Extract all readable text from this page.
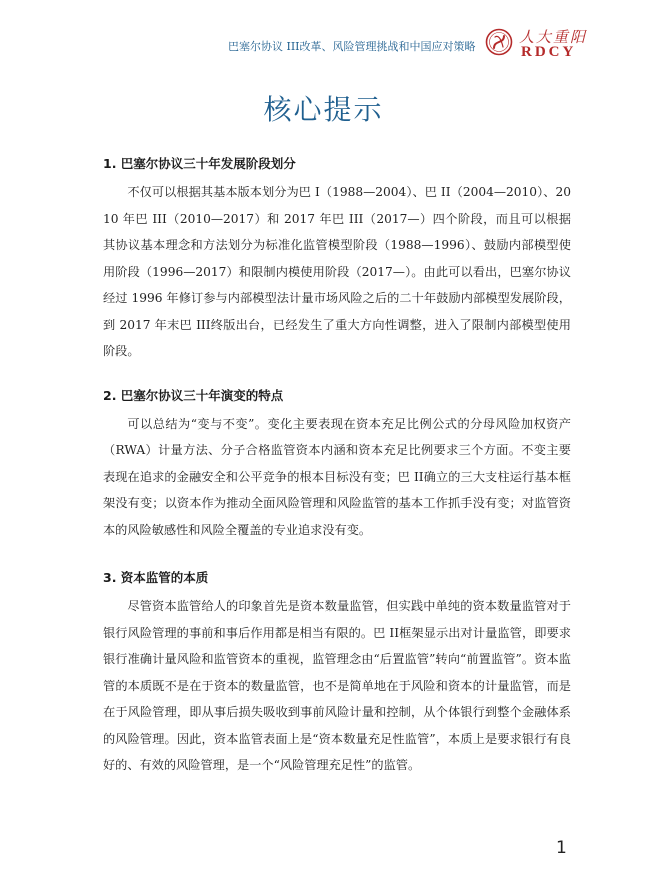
巴塞尔协议 III改革、风险管理挑战和中国应对策略
人大重阳
RDCY
核心提示
1. 巴塞尔协议三十年发展阶段划分

不仅可以根据其基本版本划分为巴 I（1988—2004）、巴 II（2004—2010）、2010 年巴 III（2010—2017）和 2017 年巴 III（2017—）四个阶段，而且可以根据其协议基本理念和方法划分为标准化监管模型阶段（1988—1996）、鼓励内部模型使用阶段（1996—2017）和限制内模使用阶段（2017—）。由此可以看出，巴塞尔协议经过 1996 年修订参与内部模型法计量市场风险之后的二十年鼓励内部模型发展阶段，到 2017 年末巴 III终版出台，已经发生了重大方向性调整，进入了限制内部模型使用阶段。

2. 巴塞尔协议三十年演变的特点

可以总结为“变与不变”。变化主要表现在资本充足比例公式的分母风险加权资产（RWA）计量方法、分子合格监管资本内涵和资本充足比例要求三个方面。不变主要表现在追求的金融安全和公平竞争的根本目标没有变；巴 II确立的三大支柱运行基本框架没有变；以资本作为推动全面风险管理和风险监管的基本工作抓手没有变；对监管资本的风险敏感性和风险全覆盖的专业追求没有变。

3. 资本监管的本质

尽管资本监管给人的印象首先是资本数量监管，但实践中单纯的资本数量监管对于银行风险管理的事前和事后作用都是相当有限的。巴 II框架显示出对计量监管，即要求银行准确计量风险和监管资本的重视，监管理念由“后置监管”转向“前置监管”。资本监管的本质既不是在于资本的数量监管，也不是简单地在于风险和资本的计量监管，而是在于风险管理，即从事后损失吸收到事前风险计量和控制，从个体银行到整个金融体系的风险管理。因此，资本监管表面上是“资本数量充足性监管”，本质上是要求银行有良好的、有效的风险管理，是一个“风险管理充足性”的监管。

1
